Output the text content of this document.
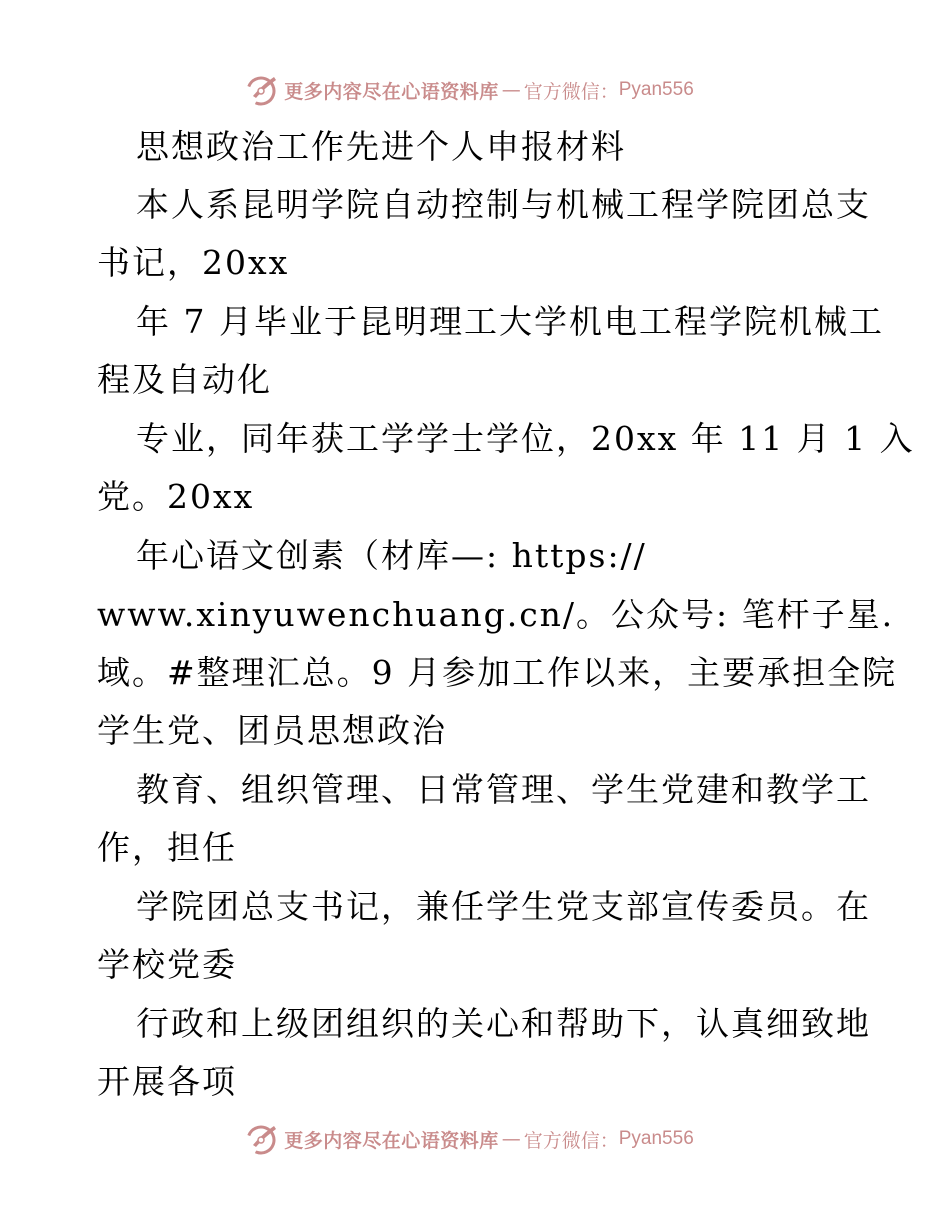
更多内容尽在心语资料库 — 官方微信： Pyan556
思想政治工作先进个人申报材料
本人系昆明学院自动控制与机械工程学院团总支
书记，20xx
年 7 月毕业于昆明理工大学机电工程学院机械工
程及自动化
专业，同年获工学学士学位，20xx 年 11 月 1 入
党。20xx
年心语文创素（材库—: https://
www.xinyuwenchuang.cn/。公众号: 笔杆子星.
域。#整理汇总。9 月参加工作以来，主要承担全院
学生党、团员思想政治
教育、组织管理、日常管理、学生党建和教学工
作，担任
学院团总支书记，兼任学生党支部宣传委员。在
学校党委
行政和上级团组织的关心和帮助下，认真细致地
开展各项
更多内容尽在心语资料库 — 官方微信： Pyan556
